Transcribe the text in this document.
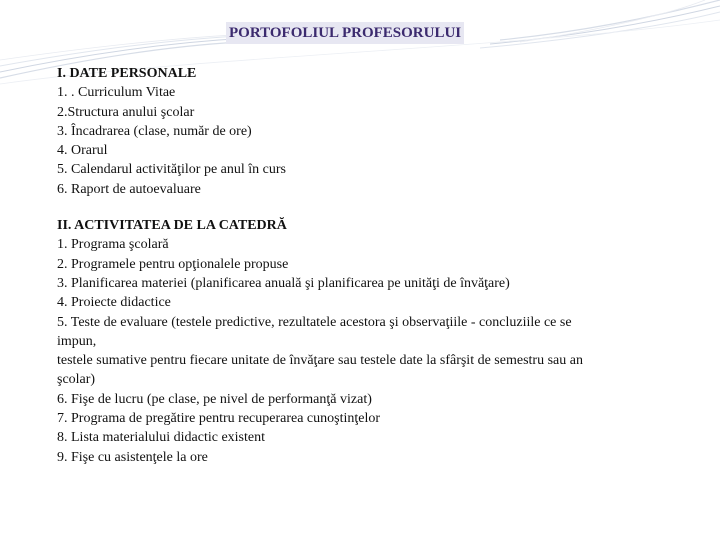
PORTOFOLIUL PROFESORULUI
I. DATE PERSONALE
1. . Curriculum Vitae
2.Structura anului şcolar
3. Încadrarea (clase, număr de ore)
4. Orarul
5. Calendarul activităţilor pe anul în curs
6. Raport de autoevaluare
II. ACTIVITATEA DE LA CATEDRĂ
1. Programa şcolară
2. Programele pentru opţionalele propuse
3. Planificarea materiei (planificarea anuală şi planificarea pe unităţi de învăţare)
4. Proiecte didactice
5. Teste de evaluare (testele predictive, rezultatele acestora şi observaţiile - concluziile ce se
impun,
testele sumative pentru fiecare unitate de învăţare sau testele date la sfârşit de semestru sau an
şcolar)
6. Fişe de lucru (pe clase, pe nivel de performanţă vizat)
7. Programa de pregătire pentru recuperarea cunoştinţelor
8. Lista materialului didactic existent
9. Fişe cu asistenţele la ore
